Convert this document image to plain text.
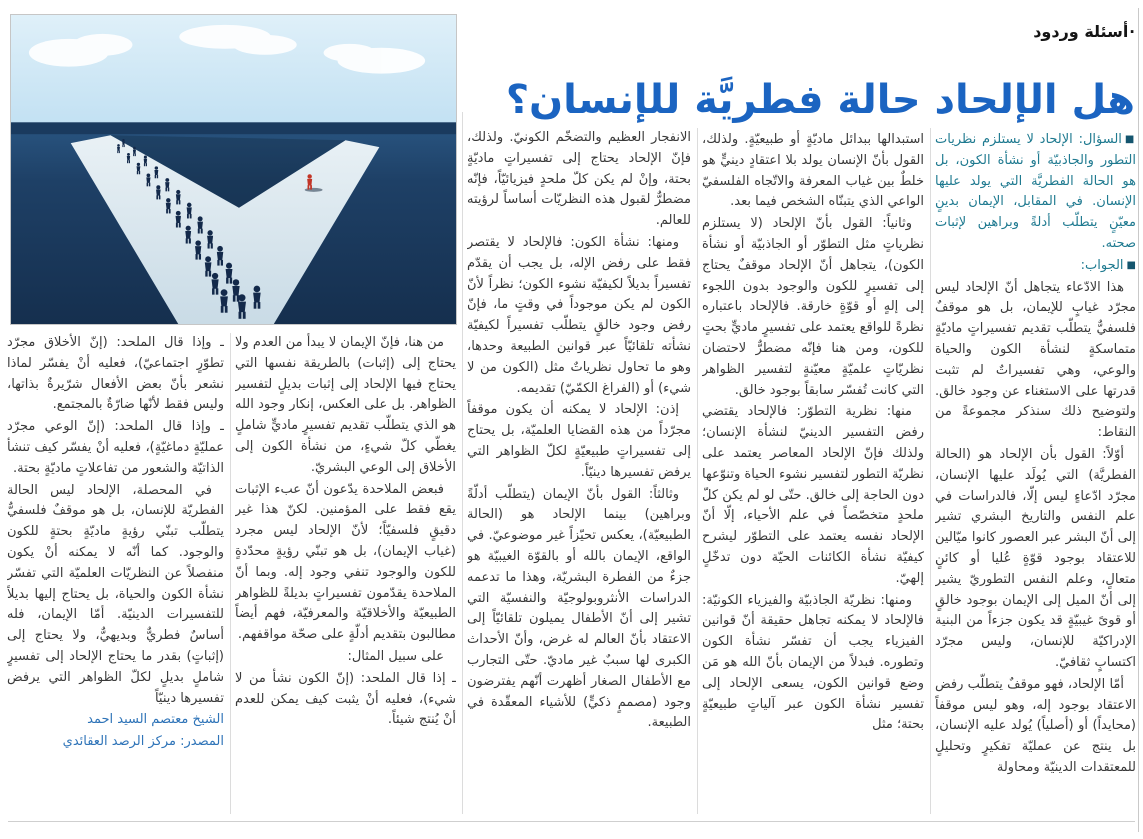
·أسئلة وردود
هل الإلحاد حالة فطريَّة للإنسان؟

■السؤال: الإلحاد لا يستلزم نظريات التطور والجاذبيّة أو نشأة الكون، بل هو الحالة الفطريَّة التي يولد عليها الإنسان. في المقابل، الإيمان بدينٍ معيّنٍ يتطلّب أدلةً وبراهين لإثبات صحته.

■الجواب:

هذا الادّعاء يتجاهل أنّ الإلحاد ليس مجرّد غيابٍ للإيمان، بل هو موقفٌ فلسفيٌّ يتطلّب تقديم تفسيراتٍ ماديّةٍ متماسكةٍ لنشأة الكون والحياة والوعي، وهي تفسيراتٌ لم تثبت قدرتها على الاستغناء عن وجود خالق. ولتوضيح ذلك سنذكر مجموعةً من النقاط:

أوّلاً: القول بأن الإلحاد هو (الحالة الفطريَّة) التي يُولَد عليها الإنسان، مجرّد ادّعاءٍ ليس إلّا، فالدراسات في علم النفس والتاريخ البشري تشير إلى أنّ البشر عبر العصور كانوا ميّالين للاعتقاد بوجود قوّةٍ عُليا أو كائنٍ متعالٍ، وعلم النفس التطوريّ يشير إلى أنّ الميل إلى الإيمان بوجود خالقٍ أو قوىً غيبيّةٍ قد يكون جزءاً من البنية الإدراكيّة للإنسان، وليس مجرّد اكتسابٍ ثقافيّ.

أمّا الإلحاد، فهو موقفٌ يتطلّب رفض الاعتقاد بوجود إله، وهو ليس موقفاً (محايداً) أو (أصلياً) يُولد عليه الإنسان، بل ينتج عن عمليّة تفكيرٍ وتحليلٍ للمعتقدات الدينيّة ومحاولة

استبدالها ببدائل ماديّةٍ أو طبيعيّةٍ. ولذلك، القول بأنّ الإنسان يولد بلا اعتقادٍ دينيٍّ هو خلطٌ بين غياب المعرفة والاتّجاه الفلسفيّ الواعي الذي يتبنّاه الشخص فيما بعد.

وثانياً: القول بأنّ الإلحاد (لا يستلزم نظرياتٍ مثل التطوّر أو الجاذبيّة أو نشأة الكون)، يتجاهل أنّ الإلحاد موقفٌ يحتاج إلى تفسيرٍ للكون والوجود بدون اللجوء إلى إلهٍ أو قوّةٍ خارقة. فالإلحاد باعتباره نظرةً للواقع يعتمد على تفسيرٍ ماديٍّ بحتٍ للكون، ومن هنا فإنّه مضطرٌّ لاحتضان نظريّاتٍ علميّةٍ معيّنةٍ لتفسير الظواهر التي كانت تُفسّر سابقاً بوجود خالق.

منها: نظرية التطوّر: فالإلحاد يقتضي رفض التفسير الدينيّ لنشأة الإنسان؛ ولذلك فإنّ الإلحاد المعاصر يعتمد على نظريّة التطور لتفسير نشوء الحياة وتنوّعها دون الحاجة إلى خالق. حتّى لو لم يكن كلّ ملحدٍ متخصّصاً في علم الأحياء، إلّا أنّ الإلحاد نفسه يعتمد على التطوّر ليشرح كيفيّة نشأة الكائنات الحيّة دون تدخّلٍ إلهيّ.

ومنها: نظريّة الجاذبيّة والفيزياء الكونيّة: فالإلحاد لا يمكنه تجاهل حقيقة أنّ قوانين الفيزياء يجب أن تفسّر نشأة الكون وتطوره. فبدلاً من الإيمان بأنّ الله هو مَن وضع قوانين الكون، يسعى الإلحاد إلى تفسير نشأة الكون عبر آلياتٍ طبيعيّةٍ بحتة؛ مثل

الانفجار العظيم والتضخّم الكونيّ. ولذلك، فإنّ الإلحاد يحتاج إلى تفسيراتٍ ماديّةٍ بحتة، وإنْ لم يكن كلّ ملحدٍ فيزيائيّاً، فإنّه مضطرٌّ لقبول هذه النظريّات أساساً لرؤيته للعالم.

ومنها: نشأة الكون: فالإلحاد لا يقتصر فقط على رفض الإله، بل يجب أن يقدّم تفسيراً بديلاً لكيفيّة نشوء الكون؛ نظراً لأنّ الكون لم يكن موجوداً في وقتٍ ما، فإنّ رفض وجود خالقٍ يتطلّب تفسيراً لكيفيّة نشأته تلقائيّاً عبر قوانين الطبيعة وحدها، وهو ما تحاول نظرياتٌ مثل (الكون من لا شيء) أو (الفراغ الكمّيّ) تقديمه.

إذن: الإلحاد لا يمكنه أن يكون موقفاً مجرّداً من هذه القضايا العلميّة، بل يحتاج إلى تفسيراتٍ طبيعيّةٍ لكلّ الظواهر التي يرفض تفسيرها دينيّاً.

وثالثاً: القول بأنّ الإيمان (يتطلّب أدلّةً وبراهين) بينما الإلحاد هو (الحالة الطبيعيّة)، يعكس تحيّزاً غير موضوعيّ. في الواقع، الإيمان بالله أو بالقوّة الغيبيّة هو جزءٌ من الفطرة البشريّة، وهذا ما تدعمه الدراسات الأنثروبولوجيّة والنفسيّة التي تشير إلى أنّ الأطفال يميلون تلقائيّاً إلى الاعتقاد بأنّ العالم له غرض، وأنّ الأحداث الكبرى لها سببٌ غير ماديّ. حتّى التجارب مع الأطفال الصغار أظهرت أنّهم يفترضون وجود (مصممٍ ذكيٍّ) للأشياء المعقّدة في الطبيعة.

من هنا، فإنّ الإيمان لا يبدأ من العدم ولا يحتاج إلى (إثبات) بالطريقة نفسها التي يحتاج فيها الإلحاد إلى إثبات بديلٍ لتفسير الظواهر. بل على العكس، إنكار وجود الله هو الذي يتطلّب تقديم تفسيرٍ ماديٍّ شاملٍ يغطّي كلّ شيءٍ، من نشأة الكون إلى الأخلاق إلى الوعي البشريّ.

فبعض الملاحدة يدّعون أنّ عبء الإثبات يقع فقط على المؤمنين. لكنّ هذا غير دقيقٍ فلسفيّاً؛ لأنّ الإلحاد ليس مجرد (غياب الإيمان)، بل هو تبنّي رؤيةٍ محدّدةٍ للكون والوجود تنفي وجود إله. وبما أنّ الملاحدة يقدّمون تفسيراتٍ بديلةً للظواهر الطبيعيّة والأخلاقيّة والمعرفيّة، فهم أيضاً مطالبون بتقديم أدلّةٍ على صحّة مواقفهم.

على سبيل المثال:

ـ إذا قال الملحد: (إنّ الكون نشأ من لا شيء)، فعليه أنْ يثبت كيف يمكن للعدم أنْ يُنتج شيئاً.

ـ وإذا قال الملحد: (إنّ الأخلاق مجرّد تطوّرٍ اجتماعيّ)، فعليه أنْ يفسّر لماذا نشعر بأنّ بعض الأفعال شرّيرةٌ بذاتها، وليس فقط لأنّها ضارّةٌ بالمجتمع.

ـ وإذا قال الملحد: (إنّ الوعي مجرّد عمليّةٍ دماغيّةٍ)، فعليه أنْ يفسّر كيف تنشأ الذاتيّة والشعور من تفاعلاتٍ ماديّةٍ بحتة.

في المحصلة، الإلحاد ليس الحالة الفطريّة للإنسان، بل هو موقفٌ فلسفيٌّ يتطلّب تبنّي رؤيةٍ ماديّةٍ بحتةٍ للكون والوجود. كما أنّه لا يمكنه أنْ يكون منفصلاً عن النظريّات العلميّة التي تفسّر نشأة الكون والحياة، بل يحتاج إليها بديلاً للتفسيرات الدينيّة. أمّا الإيمان، فله أساسٌ فطريٌّ وبديهيٌّ، ولا يحتاج إلى (إثباتٍ) بقدر ما يحتاج الإلحاد إلى تفسيرٍ شاملٍ بديلٍ لكلّ الظواهر التي يرفض تفسيرها دينيّاً

الشيخ معتصم السيد احمد

المصدر: مركز الرصد العقائدي
